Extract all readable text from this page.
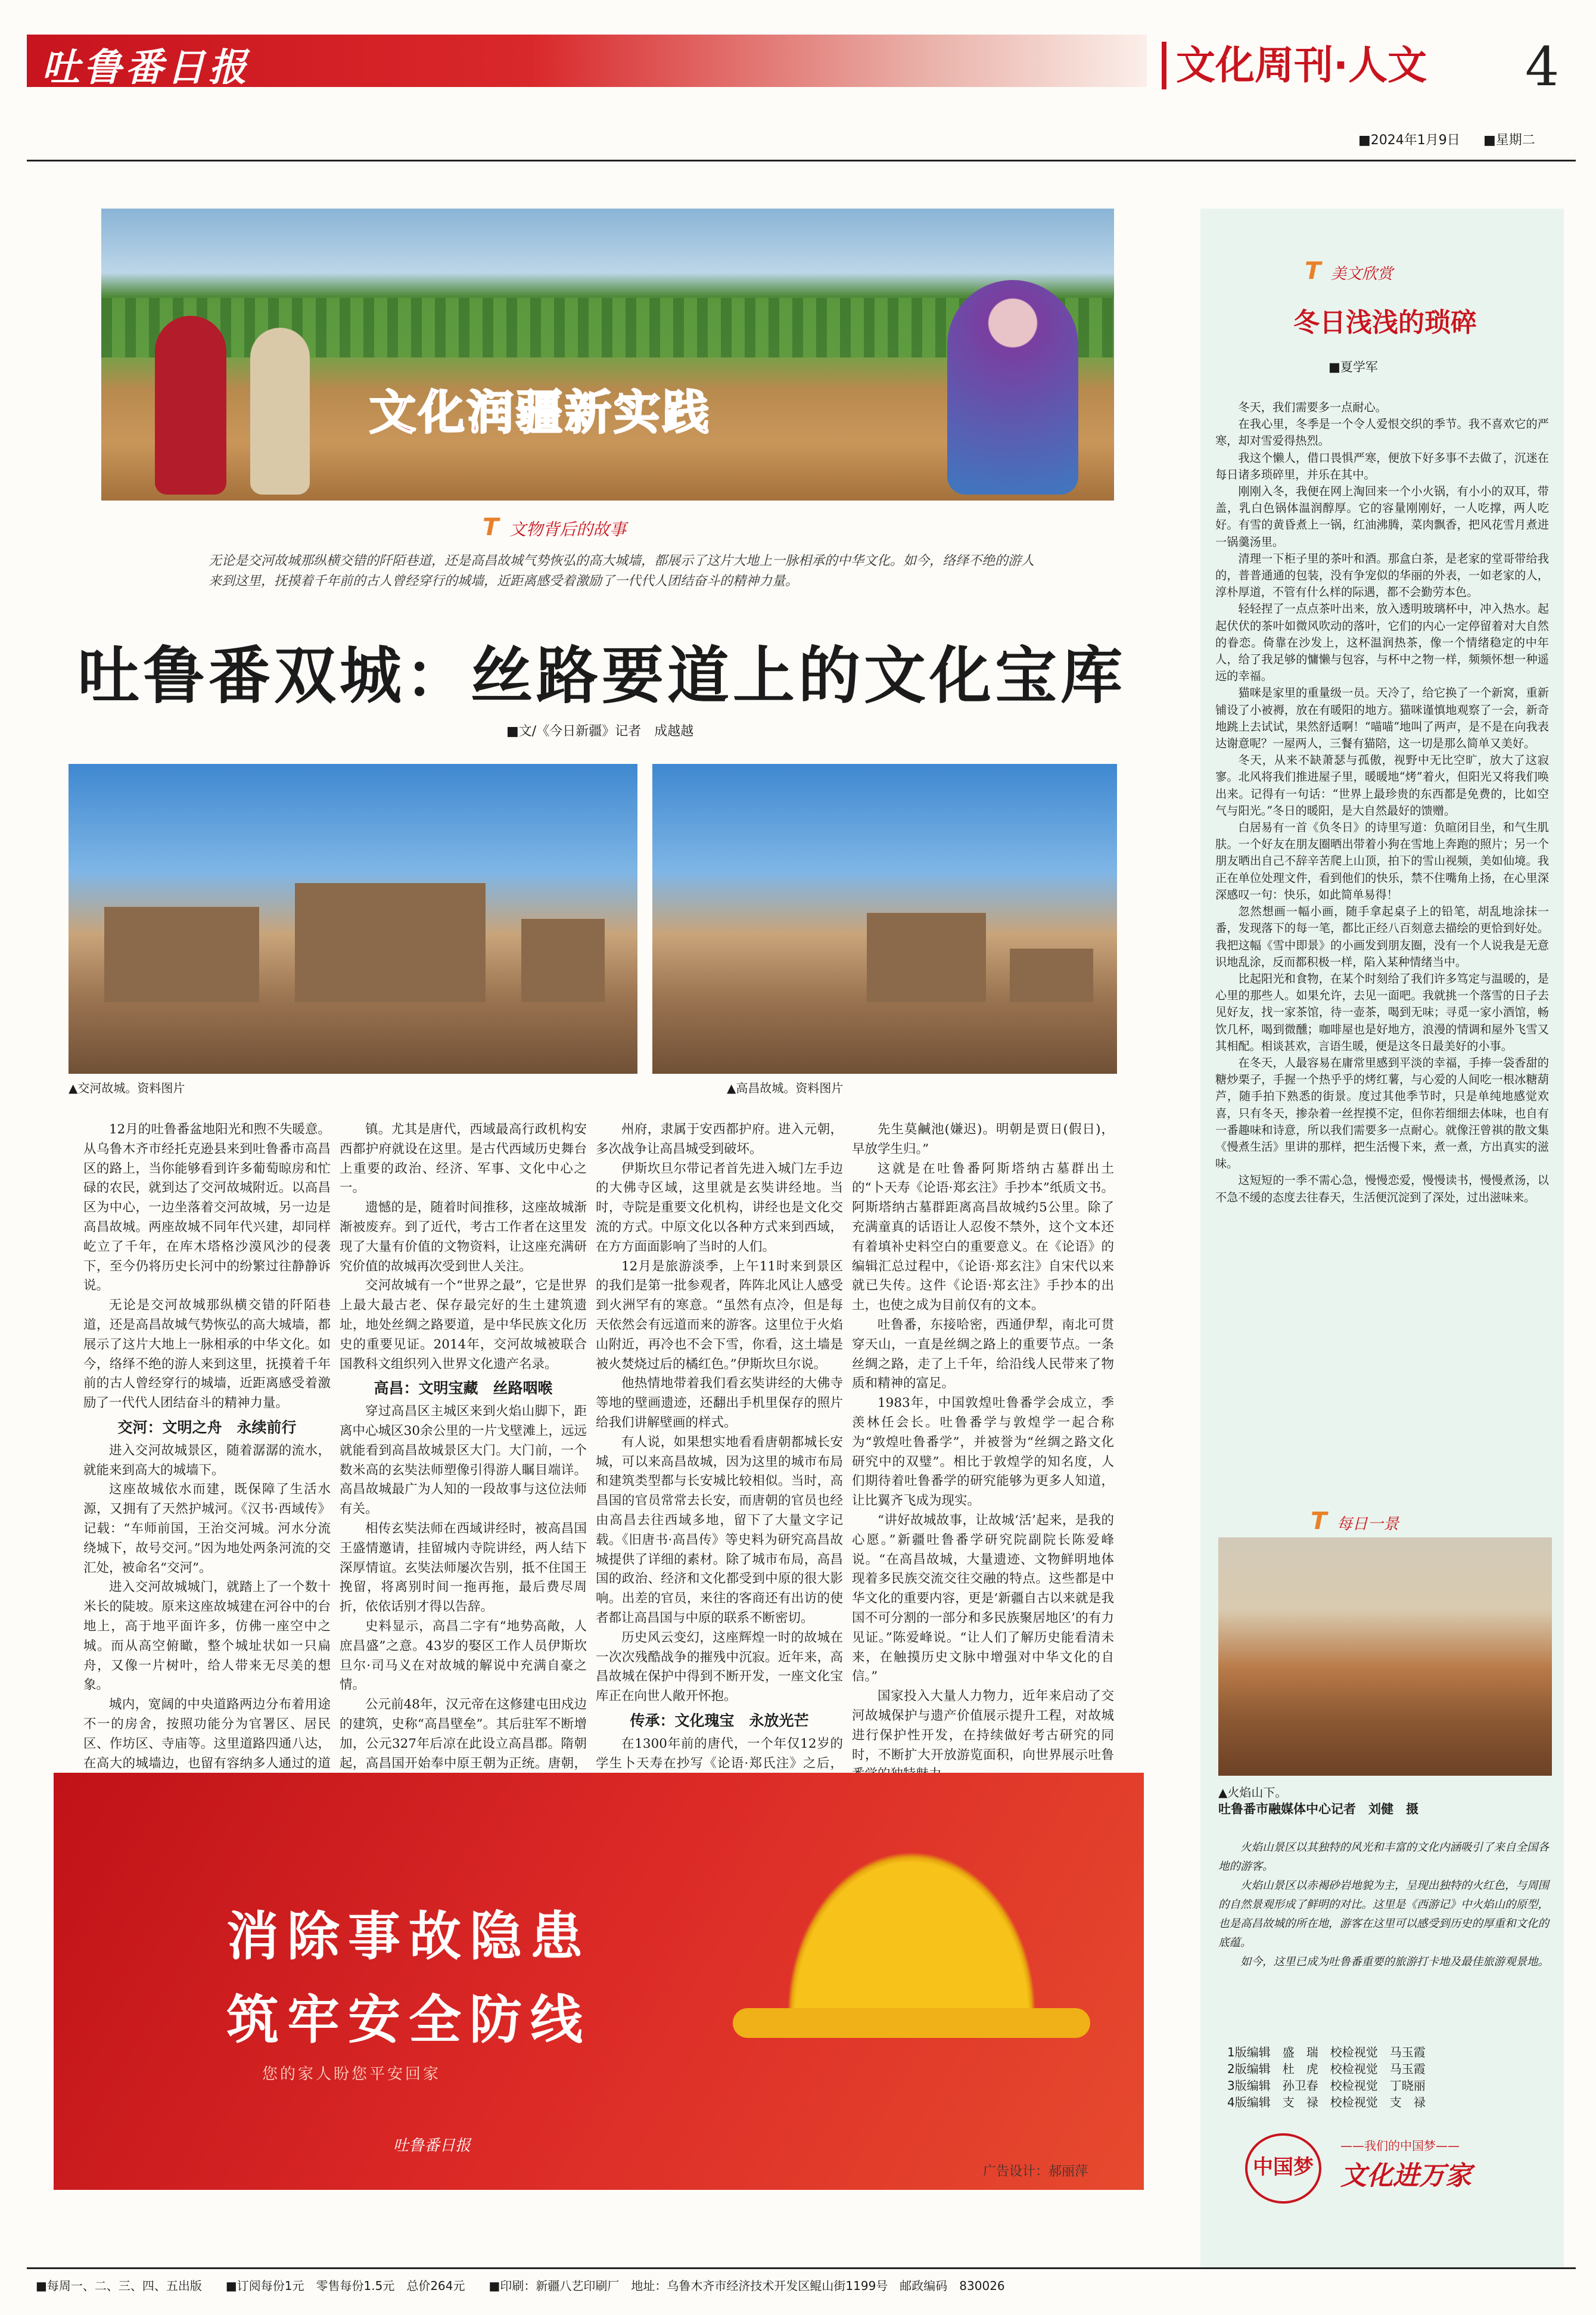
吐鲁番日报	文化周刊·人文 4
■2024年1月9日 ■星期二
文化润疆新实践
T 文物背后的故事
无论是交河故城那纵横交错的阡陌巷道，还是高昌故城气势恢弘的高大城墙，都展示了这片大地上一脉相承的中华文化。如今，络绎不绝的游人来到这里，抚摸着千年前的古人曾经穿行的城墙，近距离感受着激励了一代代人团结奋斗的精神力量。
吐鲁番双城：丝路要道上的文化宝库
■文/《今日新疆》记者　成越越
▲交河故城。资料图片	▲高昌故城。资料图片

12月的吐鲁番盆地阳光和煦不失暖意。从乌鲁木齐市经托克逊县来到吐鲁番市高昌区的路上，当你能够看到许多葡萄晾房和忙碌的农民，就到达了交河故城附近。以高昌区为中心，一边坐落着交河故城，另一边是高昌故城。两座故城不同年代兴建，却同样屹立了千年，在库木塔格沙漠风沙的侵袭下，至今仍将历史长河中的纷繁过往静静诉说。

无论是交河故城那纵横交错的阡陌巷道，还是高昌故城气势恢弘的高大城墙，都展示了这片大地上一脉相承的中华文化。如今，络绎不绝的游人来到这里，抚摸着千年前的古人曾经穿行的城墙，近距离感受着激励了一代代人团结奋斗的精神力量。

交河：文明之舟　永续前行

进入交河故城景区，随着潺潺的流水，就能来到高大的城墙下。

这座故城依水而建，既保障了生活水源，又拥有了天然护城河。《汉书·西域传》记载：“车师前国，王治交河城。河水分流绕城下，故号交河。”因为地处两条河流的交汇处，被命名“交河”。

进入交河故城城门，就踏上了一个数十米长的陡坡。原来这座故城建在河谷中的台地上，高于地平面许多，仿佛一座空中之城。而从高空俯瞰，整个城址状如一只扁舟，又像一片树叶，给人带来无尽美的想象。

城内，宽阔的中央道路两边分布着用途不一的房舍，按照功能分为官署区、居民区、作坊区、寺庙等。这里道路四通八达，在高大的城墙边，也留有容纳多人通过的道

镇。尤其是唐代，西域最高行政机构安西都护府就设在这里。是古代西域历史舞台上重要的政治、经济、军事、文化中心之一。

遗憾的是，随着时间推移，这座故城渐渐被废弃。到了近代，考古工作者在这里发现了大量有价值的文物资料，让这座充满研究价值的故城再次受到世人关注。

交河故城有一个“世界之最”，它是世界上最大最古老、保存最完好的生土建筑遗址，地处丝绸之路要道，是中华民族文化历史的重要见证。2014年，交河故城被联合国教科文组织列入世界文化遗产名录。

高昌：文明宝藏　丝路咽喉

穿过高昌区主城区来到火焰山脚下，距离中心城区30余公里的一片戈壁滩上，远远就能看到高昌故城景区大门。大门前，一个数米高的玄奘法师塑像引得游人瞩目端详。高昌故城最广为人知的一段故事与这位法师有关。

相传玄奘法师在西域讲经时，被高昌国王盛情邀请，挂留城内寺院讲经，两人结下深厚情谊。玄奘法师屡次告别，抵不住国王挽留，将离别时间一拖再拖，最后费尽周折，依依话别才得以告辞。

史料显示，高昌二字有“地势高敞，人庶昌盛”之意。43岁的娶区工作人员伊斯坎旦尔·司马义在对故城的解说中充满自豪之情。

公元前48年，汉元帝在这修建屯田戍边的建筑，史称“高昌壁垒”。其后驻军不断增加，公元327年后凉在此设立高昌郡。隋朝起，高昌国开始奉中原王朝为正统。唐朝，

州府，隶属于安西都护府。进入元朝，多次战争让高昌城受到破坏。

伊斯坎旦尔带记者首先进入城门左手边的大佛寺区域，这里就是玄奘讲经地。当时，寺院是重要文化机构，讲经也是文化交流的方式。中原文化以各种方式来到西域，在方方面面影响了当时的人们。

12月是旅游淡季，上午11时来到景区的我们是第一批参观者，阵阵北风让人感受到火洲罕有的寒意。“虽然有点冷，但是每天依然会有远道而来的游客。这里位于火焰山附近，再冷也不会下雪，你看，这土墙是被火焚烧过后的橘红色。”伊斯坎旦尔说。

他热情地带着我们看玄奘讲经的大佛寺等地的壁画遗迹，还翻出手机里保存的照片给我们讲解壁画的样式。

有人说，如果想实地看看唐朝都城长安城，可以来高昌故城，因为这里的城市布局和建筑类型都与长安城比较相似。当时，高昌国的官员常常去长安，而唐朝的官员也经由高昌去往西域多地，留下了大量文字记载。《旧唐书·高昌传》等史料为研究高昌故城提供了详细的素材。除了城市布局，高昌国的政治、经济和文化都受到中原的很大影响。出差的官员，来往的客商还有出访的使者都让高昌国与中原的联系不断密切。

历史风云变幻，这座辉煌一时的故城在一次次残酷战争的摧残中沉寂。近年来，高昌故城在保护中得到不断开发，一座文化宝库正在向世人敞开怀抱。

传承：文化瑰宝　永放光芒

在1300年前的唐代，一个年仅12岁的学生卜天寿在抄写《论语·郑氏注》之后，

先生莫鹹池(嫌迟)。明朝是贾日(假日)，早放学生归。”

这就是在吐鲁番阿斯塔纳古墓群出土的“卜天寿《论语·郑玄注》手抄本”纸质文书。阿斯塔纳古墓群距离高昌故城约5公里。除了充满童真的话语让人忍俊不禁外，这个文本还有着填补史料空白的重要意义。在《论语》的编辑汇总过程中，《论语·郑玄注》自宋代以来就已失传。这件《论语·郑玄注》手抄本的出土，也使之成为目前仅有的文本。

吐鲁番，东接哈密，西通伊犁，南北可贯穿天山，一直是丝绸之路上的重要节点。一条丝绸之路，走了上千年，给沿线人民带来了物质和精神的富足。

1983年，中国敦煌吐鲁番学会成立，季羡林任会长。吐鲁番学与敦煌学一起合称为“敦煌吐鲁番学”，并被誉为“丝绸之路文化研究中的双璧”。相比于敦煌学的知名度，人们期待着吐鲁番学的研究能够为更多人知道，让比翼齐飞成为现实。

“讲好故城故事，让故城‘活’起来，是我的心愿。”新疆吐鲁番学研究院副院长陈爱峰说。“在高昌故城，大量遗迹、文物鲜明地体现着多民族交流交往交融的特点。这些都是中华文化的重要内容，更是‘新疆自古以来就是我国不可分割的一部分和多民族聚居地区’的有力见证。”陈爱峰说。“让人们了解历史能看清未来，在触摸历史文脉中增强对中华文化的自信。”

国家投入大量人力物力，近年来启动了交河故城保护与遗产价值展示提升工程，对故城进行保护性开发，在持续做好考古研究的同时，不断扩大开放游览面积，向世界展示吐鲁

消除事故隐患
筑牢安全防线
您的家人盼您平安回家
吐鲁番日报
广告设计：郝丽萍
T 美文欣赏
冬日浅浅的琐碎
■夏学军

冬天，我们需要多一点耐心。

在我心里，冬季是一个令人爱恨交织的季节。我不喜欢它的严寒，却对雪爱得热烈。

我这个懒人，借口畏惧严寒，便放下好多事不去做了，沉迷在每日诸多琐碎里，并乐在其中。

刚刚入冬，我便在网上淘回来一个小火锅，有小小的双耳，带盖，乳白色锅体温润醇厚。它的容量刚刚好，一人吃撑，两人吃好。有雪的黄昏煮上一锅，红油沸腾，菜肉飘香，把风花雪月煮进一锅羹汤里。

清理一下柜子里的茶叶和酒。那盒白茶，是老家的堂哥带给我的，普普通通的包装，没有争宠似的华丽的外表，一如老家的人，淳朴厚道，不管有什么样的际遇，都不会勤劳本色。

轻轻捏了一点点茶叶出来，放入透明玻璃杯中，冲入热水。起起伏伏的茶叶如微风吹动的落叶，它们的内心一定停留着对大自然的眷恋。倚靠在沙发上，这杯温润热茶，像一个情绪稳定的中年人，给了我足够的慵懒与包容，与杯中之物一样，频频怀想一种遥远的幸福。

猫咪是家里的重量级一员。天冷了，给它换了一个新窝，重新铺设了小被褥，放在有暖阳的地方。猫咪谨慎地观察了一会，新奇地跳上去试试，果然舒适啊！“喵喵”地叫了两声，是不是在向我表达谢意呢？一屋两人，三餐有猫陪，这一切是那么简单又美好。

冬天，从来不缺萧瑟与孤傲，视野中无比空旷，放大了这寂寥。北风将我们推进屋子里，暖暖地“烤”着火，但阳光又将我们唤出来。记得有一句话：“世界上最珍贵的东西都是免费的，比如空气与阳光。”冬日的暖阳，是大自然最好的馈赠。

白居易有一首《负冬日》的诗里写道：负暄闭目坐，和气生肌肤。一个好友在朋友圈晒出带着小狗在雪地上奔跑的照片；另一个朋友晒出自己不辞辛苦爬上山顶，拍下的雪山视频，美如仙境。我正在单位处理文件，看到他们的快乐，禁不住嘴角上扬，在心里深深感叹一句：快乐，如此简单易得！

忽然想画一幅小画，随手拿起桌子上的铅笔，胡乱地涂抹一番，发现落下的每一笔，都比正经八百刻意去描绘的更恰到好处。我把这幅《雪中即景》的小画发到朋友圈，没有一个人说我是无意识地乱涂，反而都积极一样，陷入某种情绪当中。

比起阳光和食物，在某个时刻给了我们许多笃定与温暖的，是心里的那些人。如果允许，去见一面吧。我就挑一个落雪的日子去见好友，找一家茶馆，待一壶茶，喝到无味；寻觅一家小酒馆，畅饮几杯，喝到微醺；咖啡屋也是好地方，浪漫的情调和屋外飞雪又其相配。相谈甚欢，言语生暖，便是这冬日最美好的小事。

在冬天，人最容易在庸常里感到平淡的幸福，手捧一袋香甜的糖炒栗子，手握一个热乎乎的烤红薯，与心爱的人间吃一根冰糖葫芦，随手拍下熟悉的街景。度过其他季节时，只是单纯地感觉欢喜，只有冬天，掺杂着一丝捏摸不定，但你若细细去体味，也自有一番趣味和诗意，所以我们需要多一点耐心。就像汪曾祺的散文集《慢煮生活》里讲的那样，把生活慢下来，煮一煮，方出真实的滋味。

这短短的一季不需心急，慢慢恋爱，慢慢读书，慢慢煮汤，以不急不缓的态度去往春天，生活便沉淀到了深处，过出滋味来。

T 每日一景
▲火焰山下。
吐鲁番市融媒体中心记者　刘健　摄

火焰山景区以其独特的风光和丰富的文化内涵吸引了来自全国各地的游客。

火焰山景区以赤褐砂岩地貌为主，呈现出独特的火红色，与周围的自然景观形成了鲜明的对比。这里是《西游记》中火焰山的原型，也是高昌故城的所在地，游客在这里可以感受到历史的厚重和文化的底蕴。

如今，这里已成为吐鲁番重要的旅游打卡地及最佳旅游观景地。

1版编辑　盛　瑞　校检视觉　马玉霞
2版编辑　杜　虎　校检视觉　马玉霞
3版编辑　孙卫春　校检视觉　丁晓丽
4版编辑　支　禄　校检视觉　支　禄
中国梦
——我们的中国梦——
文化进万家
■每周一、二、三、四、五出版　　■订阅每份1元　零售每份1.5元　总价264元　　■印刷：新疆八艺印刷厂　地址：乌鲁木齐市经济技术开发区鲲山街1199号　邮政编码　830026
